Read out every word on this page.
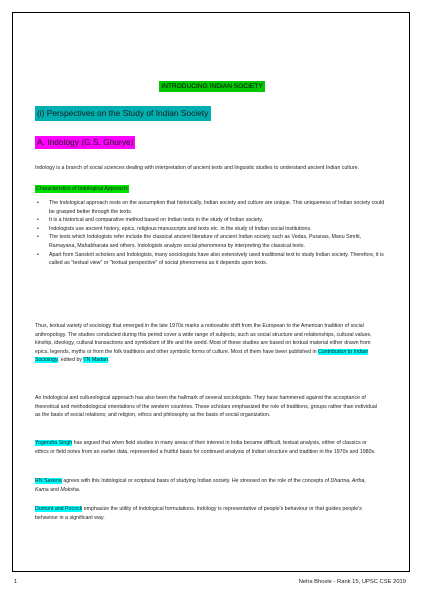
INTRODUCING INDIAN SOCIETY
(i) Perspectives on the Study of Indian Society
A. Indology (G.S. Ghurye)

Indology is a branch of social sciences dealing with interpretation of ancient texts and linguistic studies to understand ancient Indian culture.

Characteristics of Indological Approach:
• The Indological approach rests on the assumption that historically, Indian society and culture are unique. This uniqueness of Indian society could be grasped better through the texts.
• It is a historical and comparative method based on Indian texts in the study of Indian society.
• Indologists use ancient history, epics, religious manuscripts and texts etc. in the study of Indian social institutions.
• The texts which Indologists refer include the classical ancient literature of ancient Indian society such as Vedas, Puranas, Manu Smriti, Ramayana, Mahabharata and others. Indologists analyze social phenomena by interpreting the classical texts.
• Apart from Sanskrit scholars and Indologists, many sociologists have also extensively used traditional text to study Indian society. Therefore, it is called as "textual view" or "textual perspective" of social phenomena as it depends upon texts.

Thus, textual variety of sociology that emerged in the late 1970s marks a noticeable shift from the European to the American tradition of social anthropology. The studies conducted during this period cover a wide range of subjects, such as social structure and relationships, cultural values, kinship, ideology, cultural transactions and symbolism of life and the world. Most of these studies are based on textual material either drawn from epics, legends, myths or from the folk traditions and other symbolic forms of culture. Most of them have been published in Contribution to Indian Sociology, edited by TN Madan.

An Indological and culturological approach has also been the hallmark of several sociologists. They have hammered against the acceptance of theoretical and methodological orientations of the western countries. These scholars emphasized the role of traditions, groups rather than individual as the basis of social relations; and religion, ethics and philosophy as the basis of social organization.

Yogendra Singh has argued that when field studies in many areas of their interest in India became difficult, textual analysis, either of classics or ethics or field notes from an earlier data, represented a fruitful basis for continued analysis of Indian structure and tradition in the 1970s and 1980s.

RN Saxena agrees with this Indological or scriptural basis of studying Indian society. He stressed on the role of the concepts of Dharma, Artha, Kama and Moksha.

Dumont and Pocock emphasize the utility of Indological formulations. Indology is representative of people's behaviour or that guides people's behaviour in a significant way.

1	Neha Bhosle - Rank 15, UPSC CSE 2019
